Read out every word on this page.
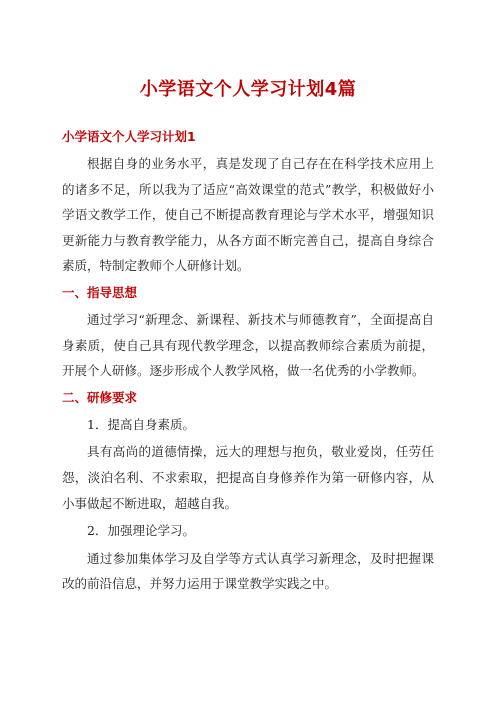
小学语文个人学习计划4篇
小学语文个人学习计划1

根据自身的业务水平，真是发现了自己存在在科学技术应用上的诸多不足，所以我为了适应“高效课堂的范式”教学，积极做好小学语文教学工作，使自己不断提高教育理论与学术水平，增强知识更新能力与教育教学能力，从各方面不断完善自己，提高自身综合素质，特制定教师个人研修计划。

一、指导思想

通过学习“新理念、新课程、新技术与师德教育”，全面提高自身素质，使自己具有现代教学理念，以提高教师综合素质为前提，开展个人研修。逐步形成个人教学风格，做一名优秀的小学教师。

二、研修要求

1．提高自身素质。

具有高尚的道德情操，远大的理想与抱负，敬业爱岗，任劳任怨，淡泊名利、不求索取，把提高自身修养作为第一研修内容，从小事做起不断进取，超越自我。

2．加强理论学习。

通过参加集体学习及自学等方式认真学习新理念，及时把握课改的前沿信息，并努力运用于课堂教学实践之中。
